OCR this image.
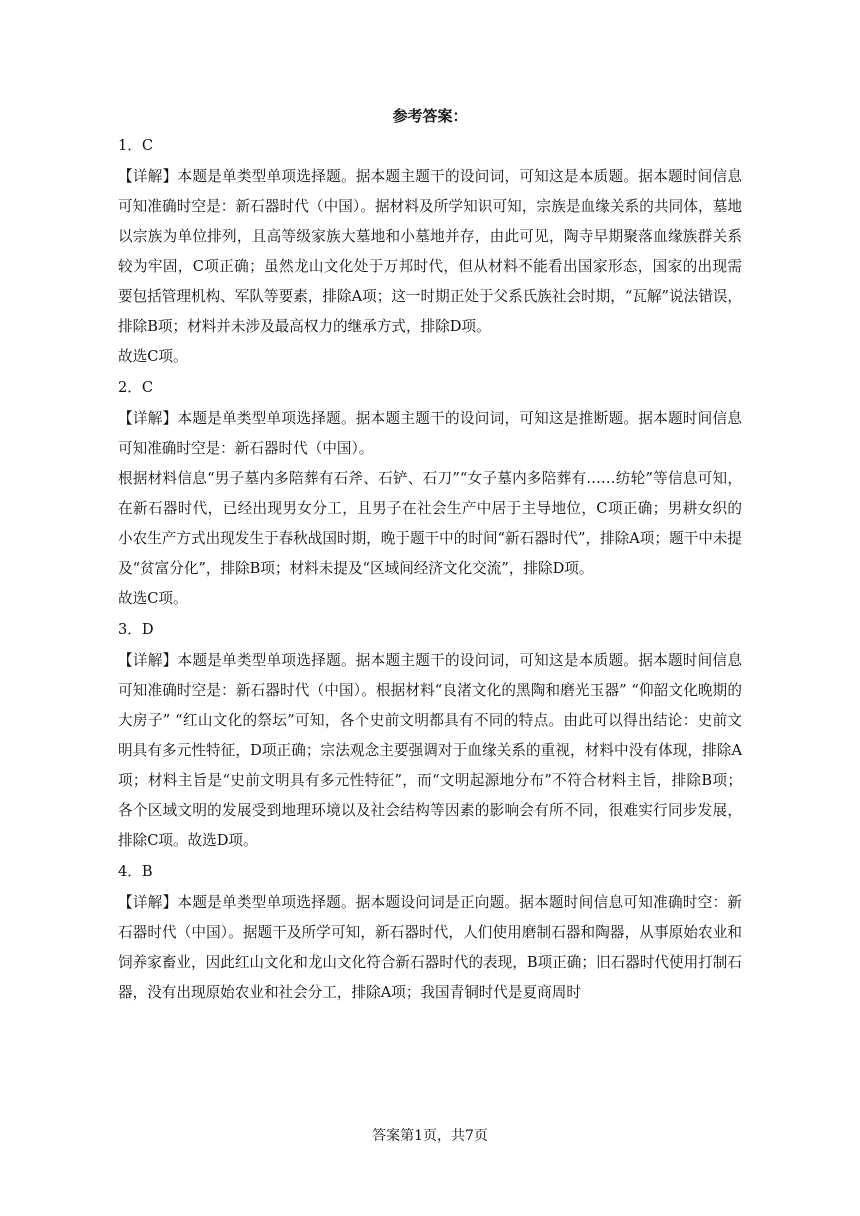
参考答案：
1．C

【详解】本题是单类型单项选择题。据本题主题干的设问词，可知这是本质题。据本题时间信息可知准确时空是：新石器时代（中国）。据材料及所学知识可知，宗族是血缘关系的共同体，墓地以宗族为单位排列，且高等级家族大墓地和小墓地并存，由此可见，陶寺早期聚落血缘族群关系较为牢固，C项正确；虽然龙山文化处于万邦时代，但从材料不能看出国家形态，国家的出现需要包括管理机构、军队等要素，排除A项；这一时期正处于父系氏族社会时期，“瓦解”说法错误，排除B项；材料并未涉及最高权力的继承方式，排除D项。

故选C项。

2．C

【详解】本题是单类型单项选择题。据本题主题干的设问词，可知这是推断题。据本题时间信息可知准确时空是：新石器时代（中国）。

根据材料信息“男子墓内多陪葬有石斧、石铲、石刀”“女子墓内多陪葬有……纺轮”等信息可知，在新石器时代，已经出现男女分工，且男子在社会生产中居于主导地位，C项正确；男耕女织的小农生产方式出现发生于春秋战国时期，晚于题干中的时间“新石器时代”，排除A项；题干中未提及“贫富分化”，排除B项；材料未提及“区域间经济文化交流”，排除D项。

故选C项。

3．D

【详解】本题是单类型单项选择题。据本题主题干的设问词，可知这是本质题。据本题时间信息可知准确时空是：新石器时代（中国）。根据材料“良渚文化的黑陶和磨光玉器” “仰韶文化晚期的大房子” “红山文化的祭坛”可知，各个史前文明都具有不同的特点。由此可以得出结论：史前文明具有多元性特征，D项正确；宗法观念主要强调对于血缘关系的重视，材料中没有体现，排除A项；材料主旨是“史前文明具有多元性特征”，而“文明起源地分布”不符合材料主旨，排除B项；各个区域文明的发展受到地理环境以及社会结构等因素的影响会有所不同，很难实行同步发展，排除C项。故选D项。

4．B

【详解】本题是单类型单项选择题。据本题设问词是正向题。据本题时间信息可知准确时空：新石器时代（中国）。据题干及所学可知，新石器时代，人们使用磨制石器和陶器，从事原始农业和饲养家畜业，因此红山文化和龙山文化符合新石器时代的表现，B项正确；旧石器时代使用打制石器，没有出现原始农业和社会分工，排除A项；我国青铜时代是夏商周时

答案第1页，共7页
